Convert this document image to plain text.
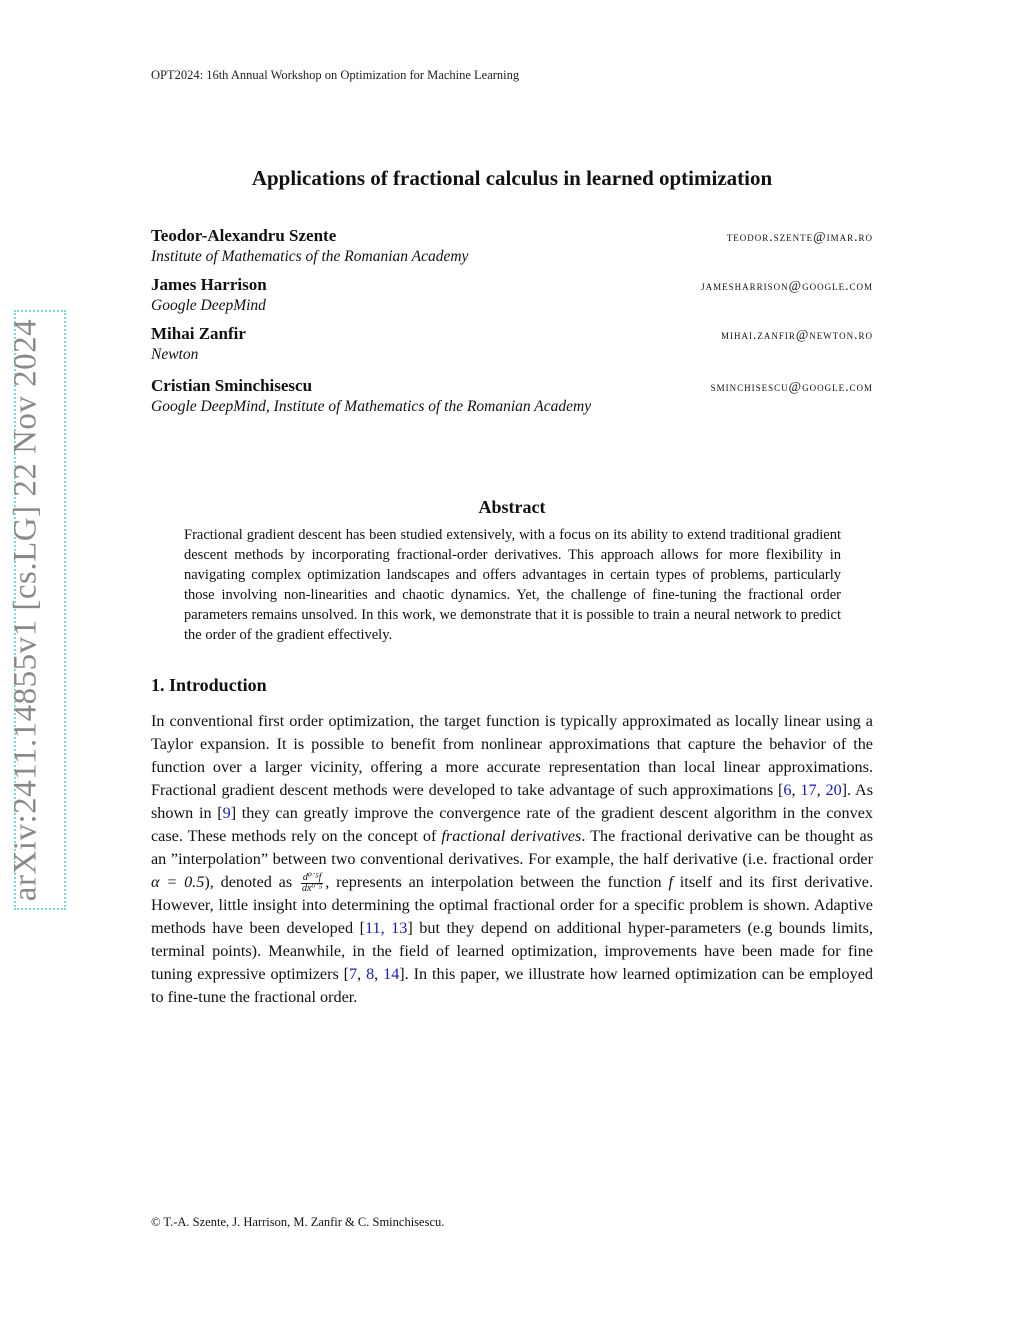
OPT2024: 16th Annual Workshop on Optimization for Machine Learning
arXiv:2411.14855v1 [cs.LG] 22 Nov 2024
Applications of fractional calculus in learned optimization
Teodor-Alexandru Szente	teodor.szente@imar.ro
Institute of Mathematics of the Romanian Academy
James Harrison	jamesharrison@google.com
Google DeepMind
Mihai Zanfir	mihai.zanfir@newton.ro
Newton
Cristian Sminchisescu	sminchisescu@google.com
Google DeepMind, Institute of Mathematics of the Romanian Academy
Abstract
Fractional gradient descent has been studied extensively, with a focus on its ability to extend traditional gradient descent methods by incorporating fractional-order derivatives. This approach allows for more flexibility in navigating complex optimization landscapes and offers advantages in certain types of problems, particularly those involving non-linearities and chaotic dynamics. Yet, the challenge of fine-tuning the fractional order parameters remains unsolved. In this work, we demonstrate that it is possible to train a neural network to predict the order of the gradient effectively.
1. Introduction
In conventional first order optimization, the target function is typically approximated as locally linear using a Taylor expansion. It is possible to benefit from nonlinear approximations that capture the behavior of the function over a larger vicinity, offering a more accurate representation than local linear approximations. Fractional gradient descent methods were developed to take advantage of such approximations [6, 17, 20]. As shown in [9] they can greatly improve the convergence rate of the gradient descent algorithm in the convex case. These methods rely on the concept of fractional derivatives. The fractional derivative can be thought as an ”interpolation” between two conventional derivatives. For example, the half derivative (i.e. fractional order α = 0.5), denoted as $\frac{\text{d⁰˙⁵f}}{\text{dx⁰˙⁵}}$ , represents an interpolation between the function f itself and its first derivative. However, little insight into determining the optimal fractional order for a specific problem is shown. Adaptive methods have been developed [11, 13] but they depend on additional hyper-parameters (e.g bounds limits, terminal points). Meanwhile, in the field of learned optimization, improvements have been made for fine tuning expressive optimizers [7, 8, 14]. In this paper, we illustrate how learned optimization can be employed to fine-tune the fractional order.
© T.-A. Szente, J. Harrison, M. Zanfir & C. Sminchisescu.
